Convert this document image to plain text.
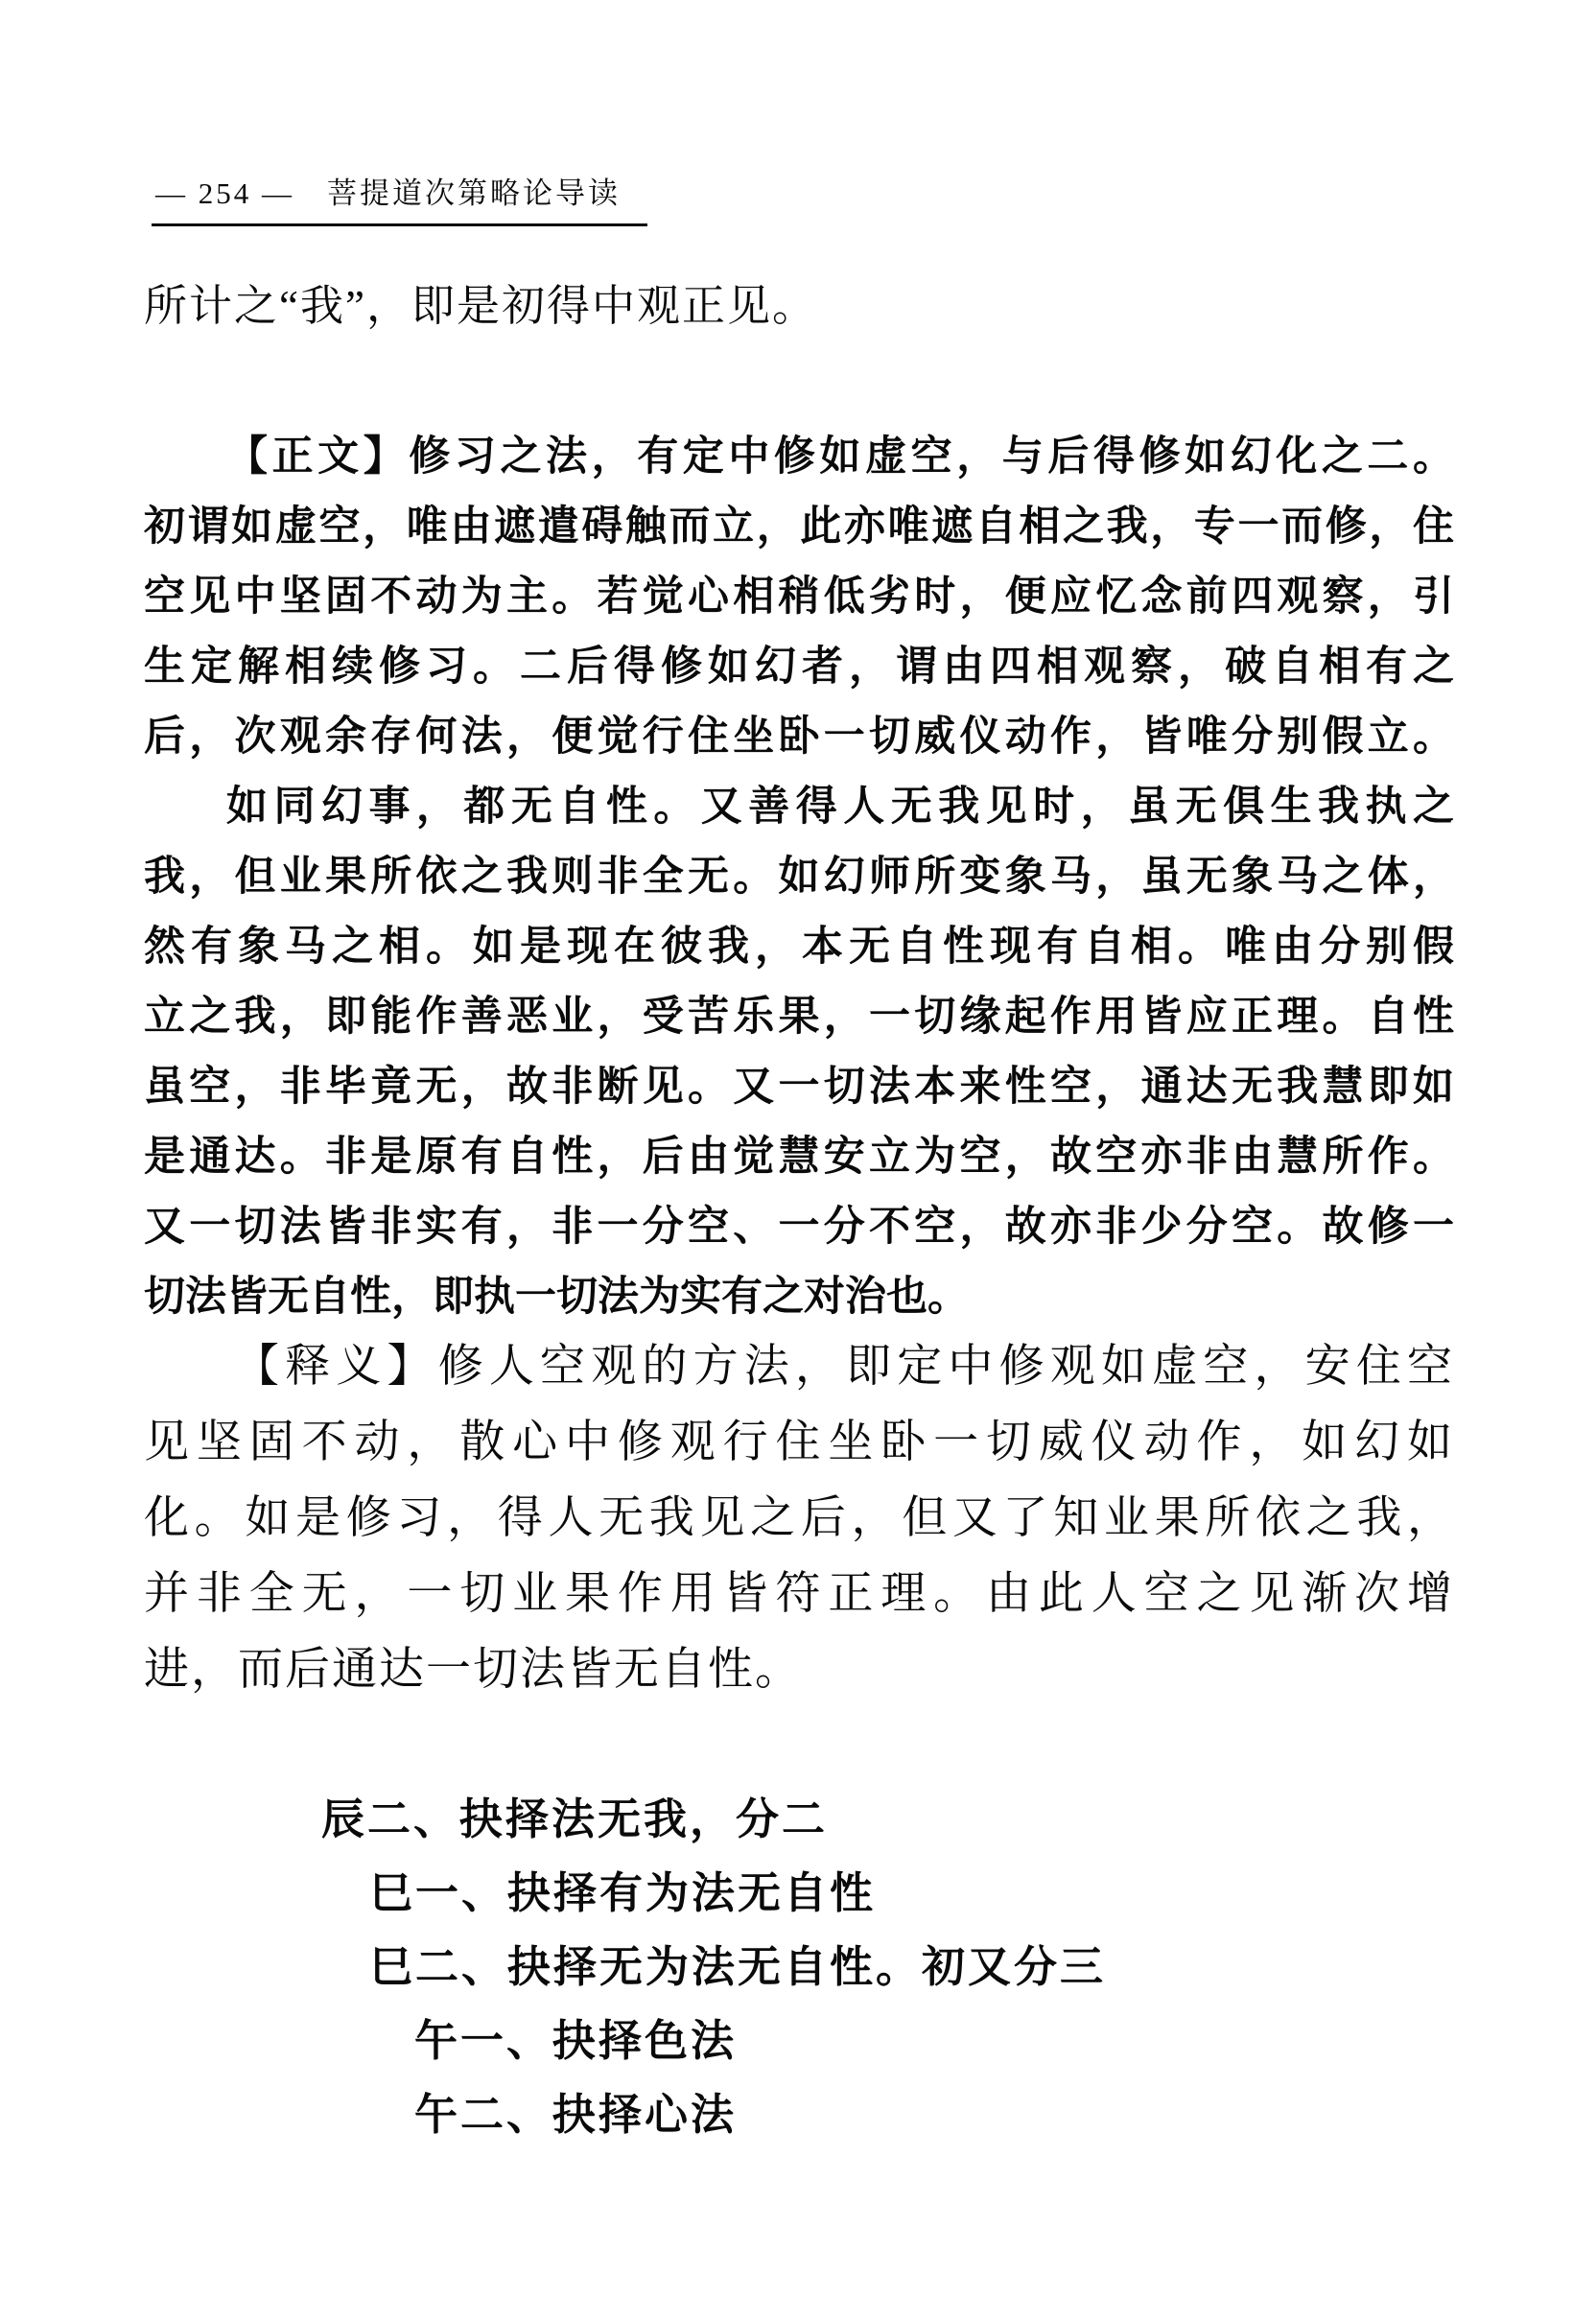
— 254 — 菩提道次第略论导读
所计之“我”，即是初得中观正见。
【正文】修习之法，有定中修如虚空，与后得修如幻化之二。
初谓如虚空，唯由遮遣碍触而立，此亦唯遮自相之我，专一而修，住
空见中坚固不动为主。若觉心相稍低劣时，便应忆念前四观察，引
生定解相续修习。二后得修如幻者，谓由四相观察，破自相有之
后，次观余存何法，便觉行住坐卧一切威仪动作，皆唯分别假立。
如同幻事，都无自性。又善得人无我见时，虽无俱生我执之
我，但业果所依之我则非全无。如幻师所变象马，虽无象马之体，
然有象马之相。如是现在彼我，本无自性现有自相。唯由分别假
立之我，即能作善恶业，受苦乐果，一切缘起作用皆应正理。自性
虽空，非毕竟无，故非断见。又一切法本来性空，通达无我慧即如
是通达。非是原有自性，后由觉慧安立为空，故空亦非由慧所作。
又一切法皆非实有，非一分空、一分不空，故亦非少分空。故修一
切法皆无自性，即执一切法为实有之对治也。
【释义】修人空观的方法，即定中修观如虚空，安住空
见坚固不动，散心中修观行住坐卧一切威仪动作，如幻如
化。如是修习，得人无我见之后，但又了知业果所依之我，
并非全无，一切业果作用皆符正理。由此人空之见渐次增
进，而后通达一切法皆无自性。
辰二、抉择法无我，分二
巳一、抉择有为法无自性
巳二、抉择无为法无自性。初又分三
午一、抉择色法
午二、抉择心法
